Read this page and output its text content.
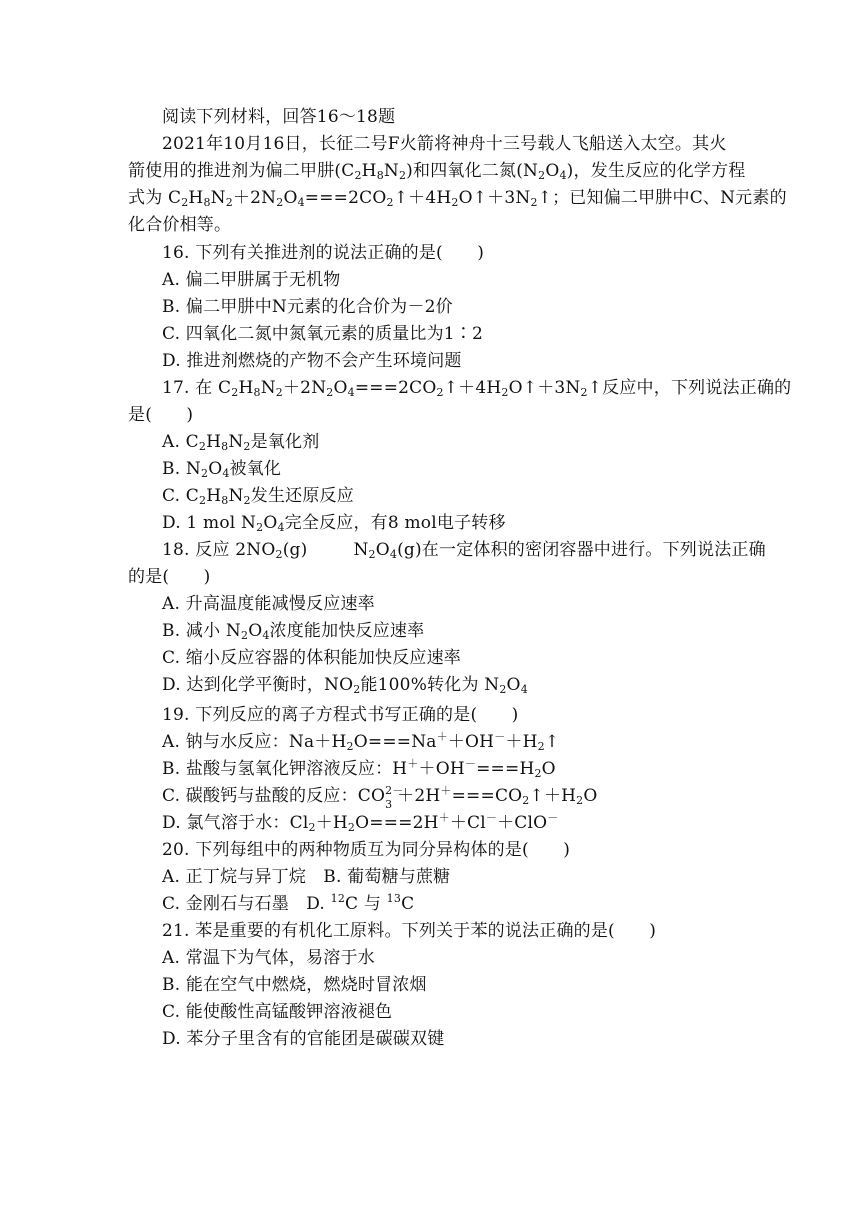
阅读下列材料，回答16～18题
2021年10月16日，长征二号F火箭将神舟十三号载人飞船送入太空。其火
箭使用的推进剂为偏二甲肼$(C_2H_8N_2)$和四氧化二氮$(N_2O_4)$，发生反应的化学方程
式为 $C_2H_8N_2+2N_2O_4===2CO_2↑+4H_2O↑+3N_2↑$；已知偏二甲肼中C、N元素的
化合价相等。
16. 下列有关推进剂的说法正确的是(　　)
A. 偏二甲肼属于无机物
B. 偏二甲肼中N元素的化合价为－2价
C. 四氧化二氮中氮氧元素的质量比为1∶2
D. 推进剂燃烧的产物不会产生环境问题
17. 在 $C_2H_8N_2+2N_2O_4===2CO_2↑+4H_2O↑+3N_2↑$反应中，下列说法正确的
是(　　)
A. $C_2H_8N_2$是氧化剂
B. $N_2O_4$被氧化
C. $C_2H_8N_2$发生还原反应
D. 1 mol $N_2O_4$完全反应，有8 mol电子转移
18. 反应 $2NO_2(g)$	$N_2O_4(g)$在一定体积的密闭容器中进行。下列说法正确
的是(　　)
A. 升高温度能减慢反应速率
B. 减小 $N_2O_4$浓度能加快反应速率
C. 缩小反应容器的体积能加快反应速率
D. 达到化学平衡时，$NO_2$能100%转化为 $N_2O_4$
19. 下列反应的离子方程式书写正确的是(　　)
A. 钠与水反应：$Na+H_2O===Na^++OH^-+H_2↑$
B. 盐酸与氢氧化钾溶液反应：$H^++OH^-===H_2O$
C. 碳酸钙与盐酸的反应：CO 2－
$3 +2H^+===CO_2↑+H_2O$
D. 氯气溶于水：$Cl_2+H_2O===2H^++Cl^-+ClO^-$
20. 下列每组中的两种物质互为同分异构体的是(　　)
A. 正丁烷与异丁烷　B. 葡萄糖与蔗糖
C. 金刚石与石墨　D. $^{12}$C 与 $^{13}$C
21. 苯是重要的有机化工原料。下列关于苯的说法正确的是(　　)
A. 常温下为气体，易溶于水
B. 能在空气中燃烧，燃烧时冒浓烟
C. 能使酸性高锰酸钾溶液褪色
D. 苯分子里含有的官能团是碳碳双键
